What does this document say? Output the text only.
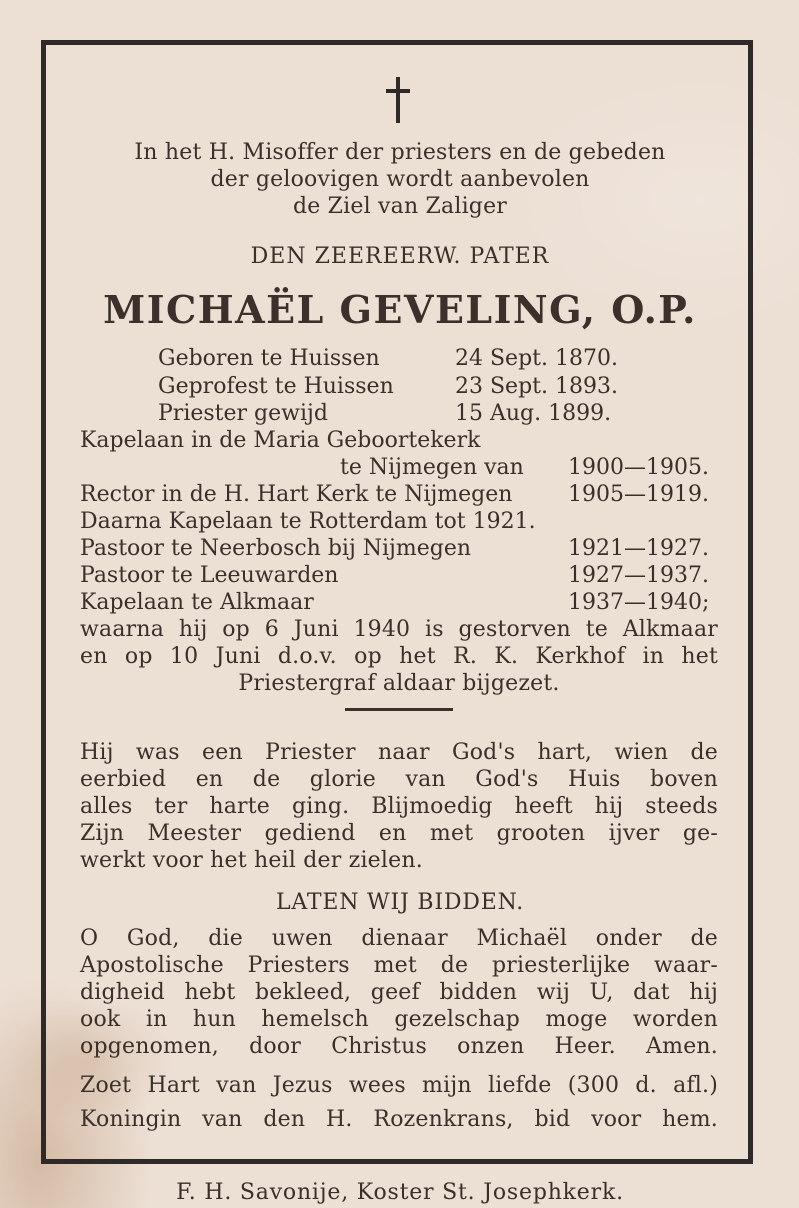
In het H. Misoffer der priesters en de gebeden
der geloovigen wordt aanbevolen
de Ziel van Zaliger
DEN ZEEREERW. PATER
MICHAËL GEVELING, O.P.
Geboren te Huissen	24 Sept. 1870.
Geprofest te Huissen	23 Sept. 1893.
Priester gewijd	15 Aug. 1899.
Kapelaan in de Maria Geboortekerk
te Nijmegen van 1900—1905.
Rector in de H. Hart Kerk te Nijmegen	1905—1919.
Daarna Kapelaan te Rotterdam tot 1921.
Pastoor te Neerbosch bij Nijmegen	1921—1927.
Pastoor te Leeuwarden	1927—1937.
Kapelaan te Alkmaar	1937—1940;
waarna hij op 6 Juni 1940 is gestorven te Alkmaar
en op 10 Juni d.o.v. op het R. K. Kerkhof in het
Priestergraf aldaar bijgezet.
Hij was een Priester naar God's hart, wien de
eerbied en de glorie van God's Huis boven
alles ter harte ging. Blijmoedig heeft hij steeds
Zijn Meester gediend en met grooten ijver ge-
werkt voor het heil der zielen.
LATEN WIJ BIDDEN.
O God, die uwen dienaar Michaël onder de
Apostolische Priesters met de priesterlijke waar-
digheid hebt bekleed, geef bidden wij U, dat hij
ook in hun hemelsch gezelschap moge worden
opgenomen, door Christus onzen Heer. Amen.
Zoet Hart van Jezus wees mijn liefde (300 d. afl.)
Koningin van den H. Rozenkrans, bid voor hem.
F. H. Savonije, Koster St. Josephkerk.
